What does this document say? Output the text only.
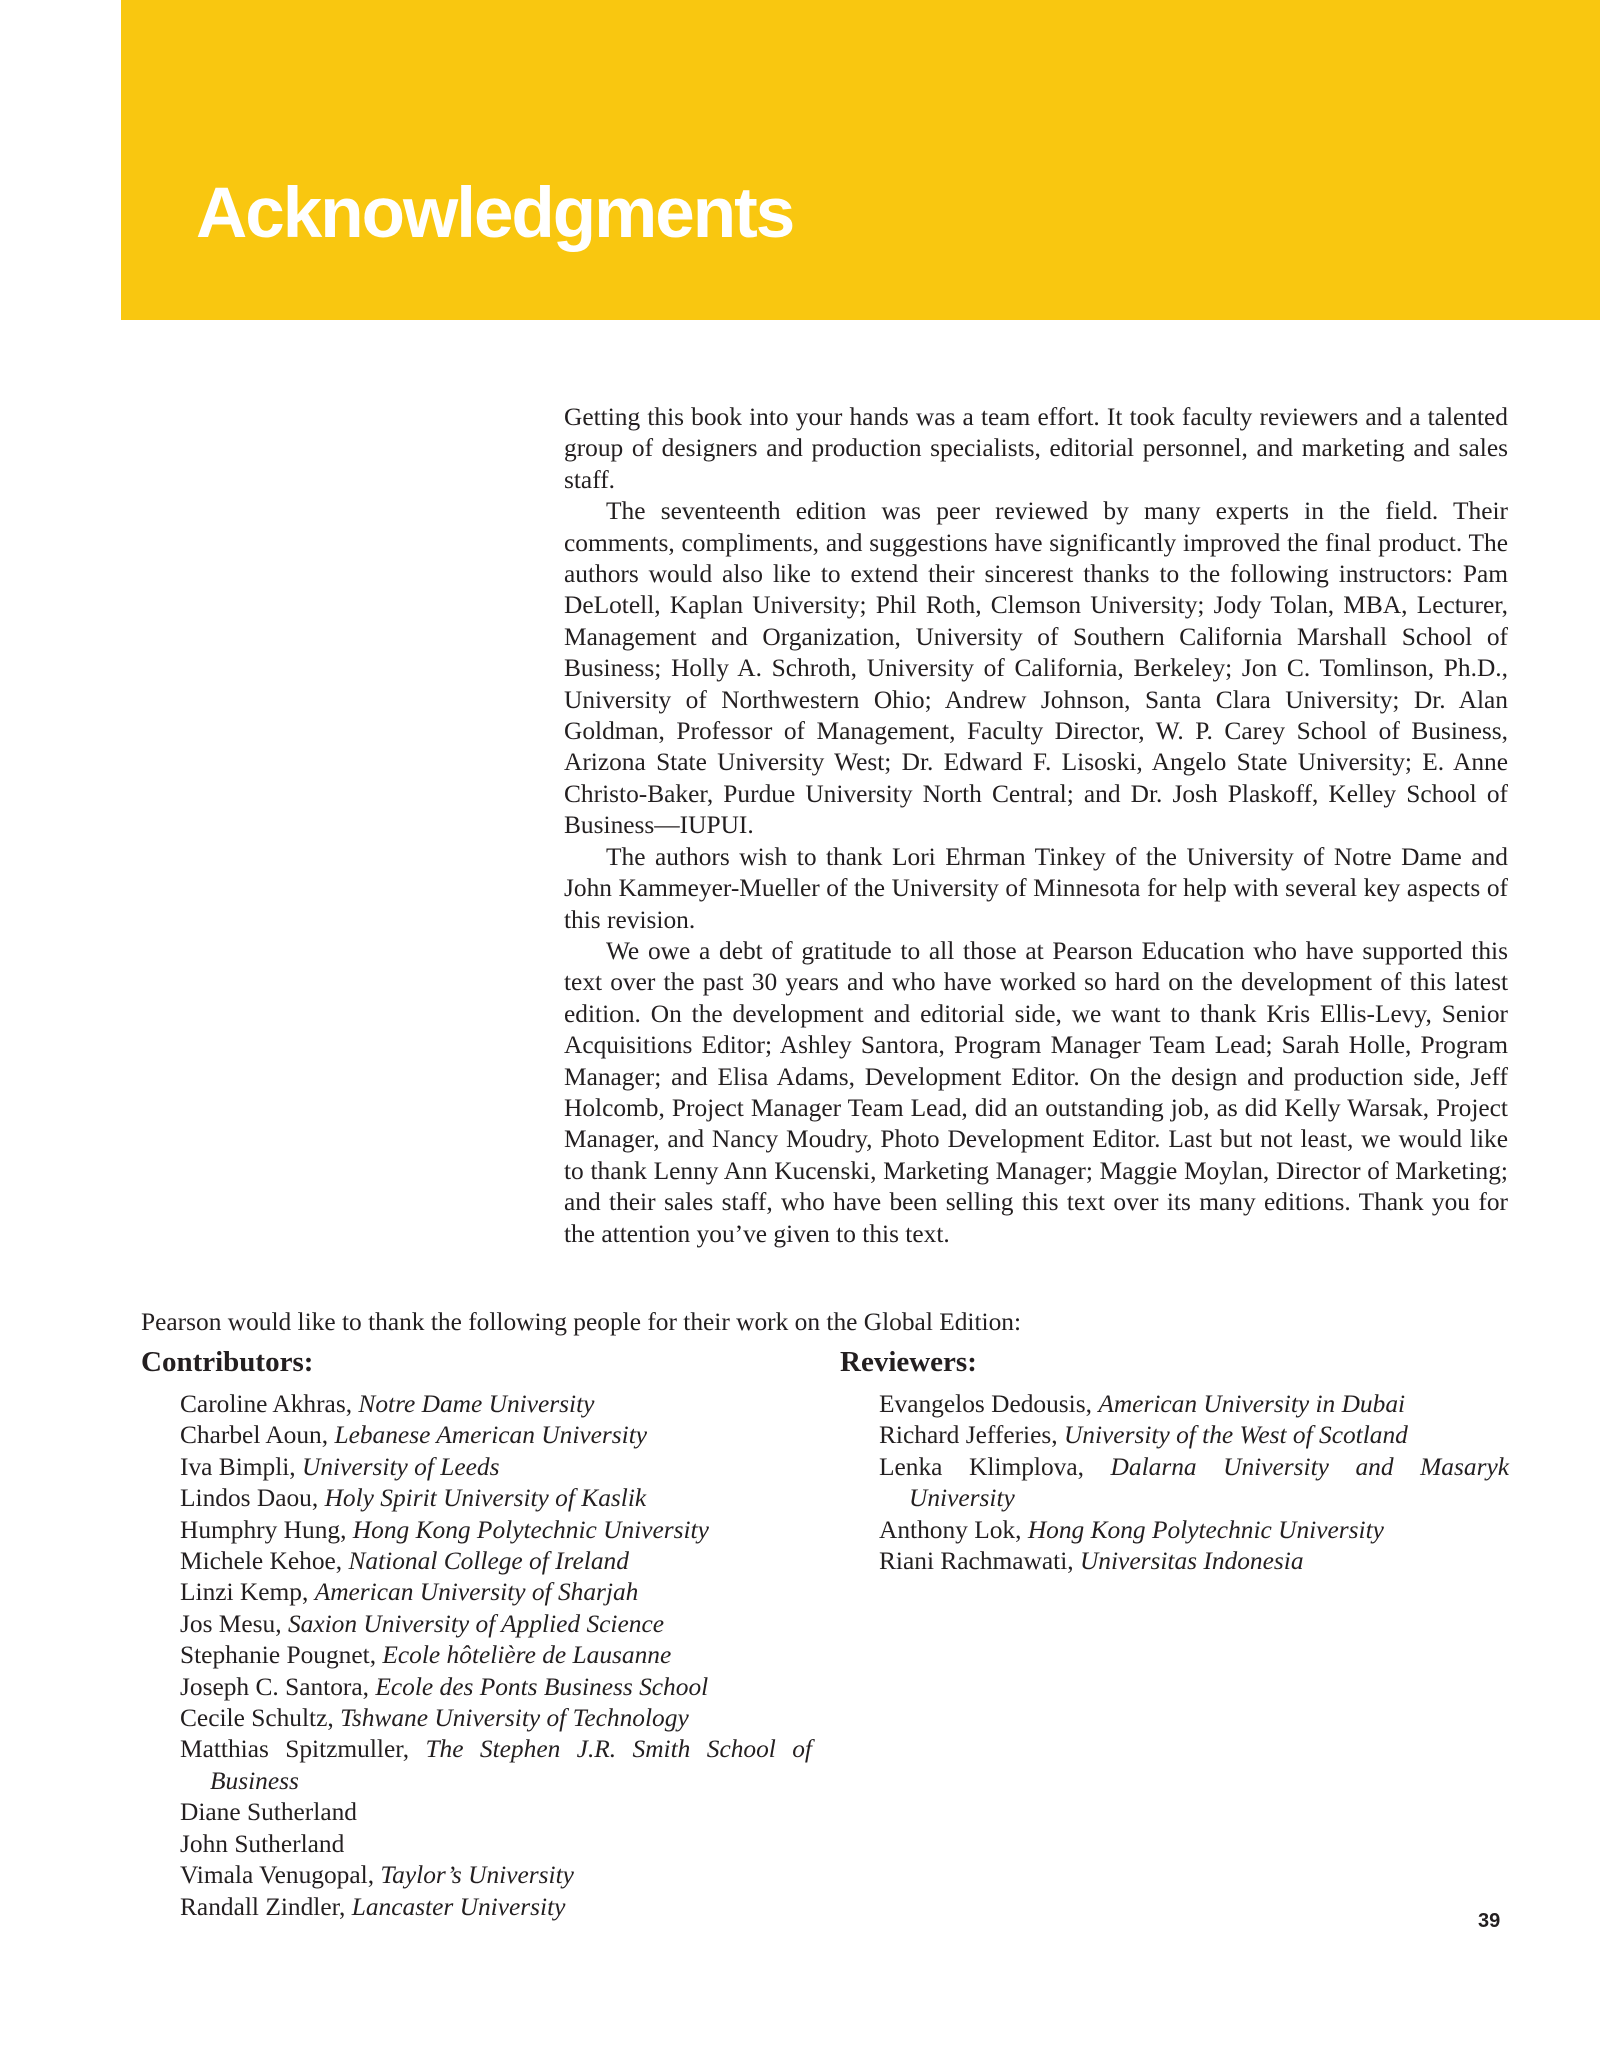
Acknowledgments

Getting this book into your hands was a team effort. It took faculty reviewers and a talented group of designers and production specialists, editorial personnel, and marketing and sales staff.

The seventeenth edition was peer reviewed by many experts in the field. Their comments, compliments, and suggestions have significantly improved the final product. The authors would also like to extend their sincerest thanks to the following instructors: Pam DeLotell, Kaplan University; Phil Roth, Clemson University; Jody Tolan, MBA, Lecturer, Management and Organization, University of Southern California Marshall School of Business; Holly A. Schroth, University of California, Berkeley; Jon C. Tomlinson, Ph.D., University of Northwestern Ohio; Andrew Johnson, Santa Clara University; Dr. Alan Goldman, Professor of Management, Faculty Director, W. P. Carey School of Business, Arizona State University West; Dr. Edward F. Lisoski, Angelo State University; E. Anne Christo-Baker, Purdue University North Central; and Dr. Josh Plaskoff, Kelley School of Business—IUPUI.

The authors wish to thank Lori Ehrman Tinkey of the University of Notre Dame and John Kammeyer-Mueller of the University of Minnesota for help with several key aspects of this revision.

We owe a debt of gratitude to all those at Pearson Education who have supported this text over the past 30 years and who have worked so hard on the development of this latest edition. On the development and editorial side, we want to thank Kris Ellis-Levy, Senior Acquisitions Editor; Ashley Santora, Program Manager Team Lead; Sarah Holle, Program Manager; and Elisa Adams, Development Editor. On the design and production side, Jeff Holcomb, Project Manager Team Lead, did an outstanding job, as did Kelly Warsak, Project Manager, and Nancy Moudry, Photo Development Editor. Last but not least, we would like to thank Lenny Ann Kucenski, Marketing Manager; Maggie Moylan, Director of Marketing; and their sales staff, who have been selling this text over its many editions. Thank you for the attention you’ve given to this text.

Pearson would like to thank the following people for their work on the Global Edition:

Contributors:
Caroline Akhras, Notre Dame University
Charbel Aoun, Lebanese American University
Iva Bimpli, University of Leeds
Lindos Daou, Holy Spirit University of Kaslik
Humphry Hung, Hong Kong Polytechnic University
Michele Kehoe, National College of Ireland
Linzi Kemp, American University of Sharjah
Jos Mesu, Saxion University of Applied Science
Stephanie Pougnet, Ecole hôtelière de Lausanne
Joseph C. Santora, Ecole des Ponts Business School
Cecile Schultz, Tshwane University of Technology
Matthias Spitzmuller, The Stephen J.R. Smith School of Business
Diane Sutherland
John Sutherland
Vimala Venugopal, Taylor’s University
Randall Zindler, Lancaster University
Reviewers:
Evangelos Dedousis, American University in Dubai
Richard Jefferies, University of the West of Scotland
Lenka Klimplova, Dalarna University and Masaryk University
Anthony Lok, Hong Kong Polytechnic University
Riani Rachmawati, Universitas Indonesia

39
